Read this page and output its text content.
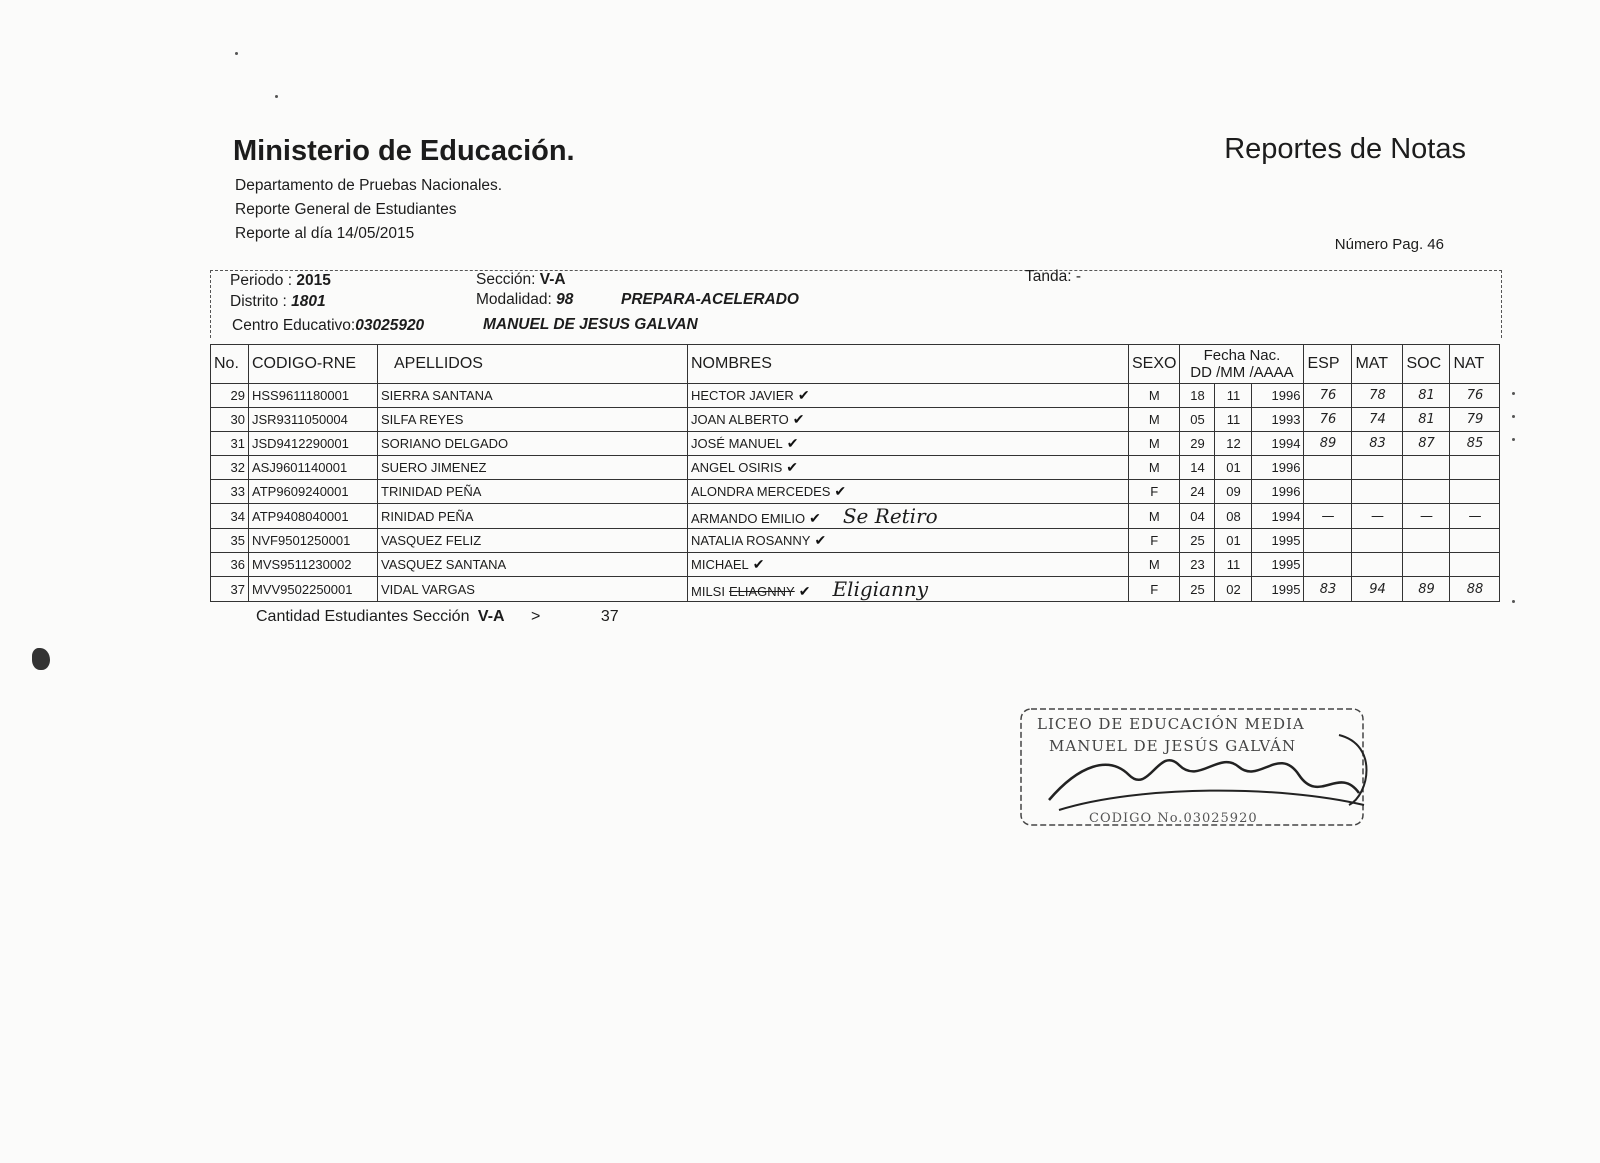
Ministerio de Educación.	Reportes de Notas
Departamento de Pruebas Nacionales.
Reporte General de Estudiantes
Reporte al día 14/05/2015
Número Pag. 46
Periodo : 2015
Distrito : 1801
Centro Educativo:03025920
Sección: V-A
Modalidad: 98	PREPARA-ACELERADO
MANUEL DE JESUS GALVAN
Tanda: -
No.	CODIGO-RNE	APELLIDOS	NOMBRES	SEXO	Fecha Nac.
DD /MM /AAAA			ESP	MAT	SOC	NAT
29	HSS9611180001	SIERRA SANTANA	HECTOR JAVIER ✔	M	18	11	1996	76	78	81	76
30	JSR9311050004	SILFA REYES	JOAN ALBERTO ✔	M	05	11	1993	76	74	81	79
31	JSD9412290001	SORIANO DELGADO	JOSÉ MANUEL ✔	M	29	12	1994	89	83	87	85
32	ASJ9601140001	SUERO JIMENEZ	ANGEL OSIRIS ✔	M	14	01	1996				
33	ATP9609240001	TRINIDAD PEÑA	ALONDRA MERCEDES ✔	F	24	09	1996				
34	ATP9408040001	RINIDAD PEÑA	ARMANDO EMILIO ✔ Se Retiro	M	04	08	1994	—	—	—	—
35	NVF9501250001	VASQUEZ FELIZ	NATALIA ROSANNY ✔	F	25	01	1995				
36	MVS9511230002	VASQUEZ SANTANA	MICHAEL ✔	M	23	11	1995				
37	MVV9502250001	VIDAL VARGAS	MILSI ELIAGNNY ✔ Eligianny	F	25	02	1995	83	94	89	88
Cantidad Estudiantes Sección V-A >	37
LICEO DE EDUCACIÓN MEDIA
MANUEL DE JESÚS GALVÁN
CODIGO No.03025920
